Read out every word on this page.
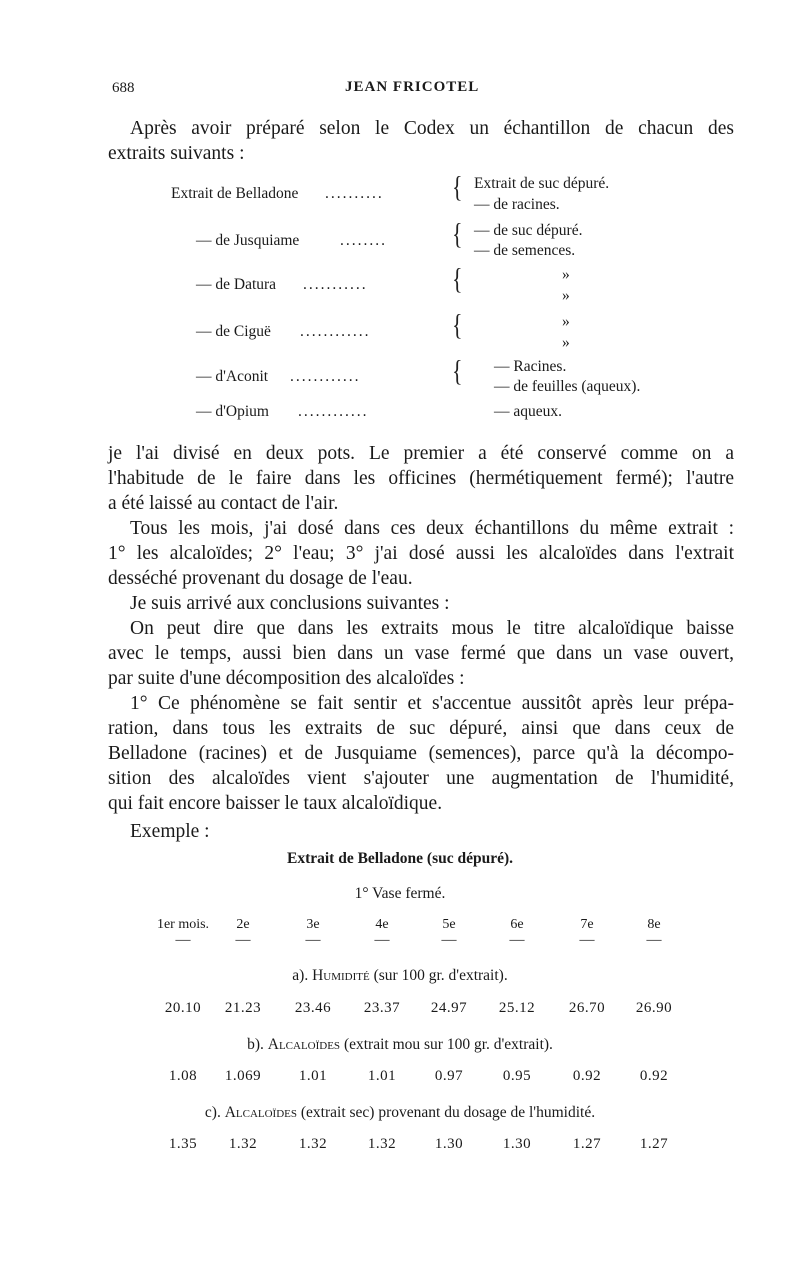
688	JEAN FRICOTEL
Après avoir préparé selon le Codex un échantillon de chacun des
extraits suivants :
Extrait de Belladone ..........	{ Extrait de suc dépuré.
— de racines.
— de Jusquiame	........	{ — de suc dépuré.
— de semences.
— de Datura ...........	{	»
»
— de Ciguë ............	{	»
»
— d'Aconit ............	{ — Racines.
— de feuilles (aqueux).
— d'Opium ............	— aqueux.
je l'ai divisé en deux pots. Le premier a été conservé comme on a
l'habitude de le faire dans les officines (hermétiquement fermé); l'autre
a été laissé au contact de l'air.
Tous les mois, j'ai dosé dans ces deux échantillons du même extrait :
1° les alcaloïdes; 2° l'eau; 3° j'ai dosé aussi les alcaloïdes dans l'extrait
desséché provenant du dosage de l'eau.
Je suis arrivé aux conclusions suivantes :
On peut dire que dans les extraits mous le titre alcaloïdique baisse
avec le temps, aussi bien dans un vase fermé que dans un vase ouvert,
par suite d'une décomposition des alcaloïdes :
1° Ce phénomène se fait sentir et s'accentue aussitôt après leur prépa-
ration, dans tous les extraits de suc dépuré, ainsi que dans ceux de
Belladone (racines) et de Jusquiame (semences), parce qu'à la décompo-
sition des alcaloïdes vient s'ajouter une augmentation de l'humidité,
qui fait encore baisser le taux alcaloïdique.
Exemple :
Extrait de Belladone (suc dépuré).
1° Vase fermé.
1er mois.	2e	3e	4e	5e	6e	7e	8e
—	—	—	—	—	—	—	—
a). Humidité (sur 100 gr. d'extrait).
20.10	21.23	23.46	23.37	24.97	25.12	26.70	26.90
b). Alcaloïdes (extrait mou sur 100 gr. d'extrait).
1.08	1.069	1.01	1.01	0.97	0.95	0.92	0.92
c). Alcaloïdes (extrait sec) provenant du dosage de l'humidité.
1.35	1.32	1.32	1.32	1.30	1.30	1.27	1.27
